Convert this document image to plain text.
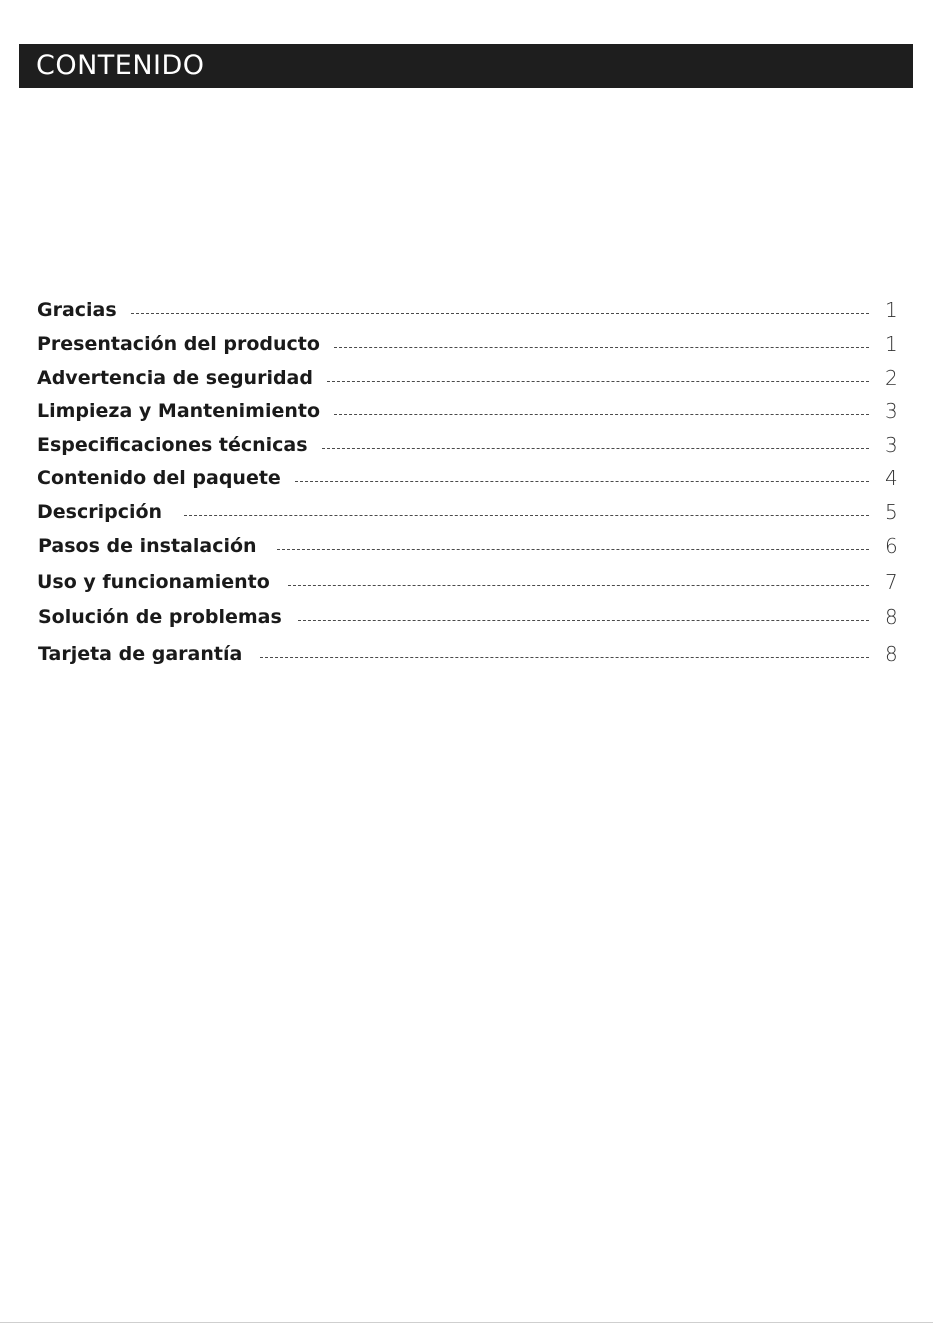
CONTENIDO
Gracias	1
Presentación del producto	1
Advertencia de seguridad	2
Limpieza y Mantenimiento	3
Especificaciones técnicas	3
Contenido del paquete	4
Descripción	5
Pasos de instalación	6
Uso y funcionamiento	7
Solución de problemas	8
Tarjeta de garantía	8
